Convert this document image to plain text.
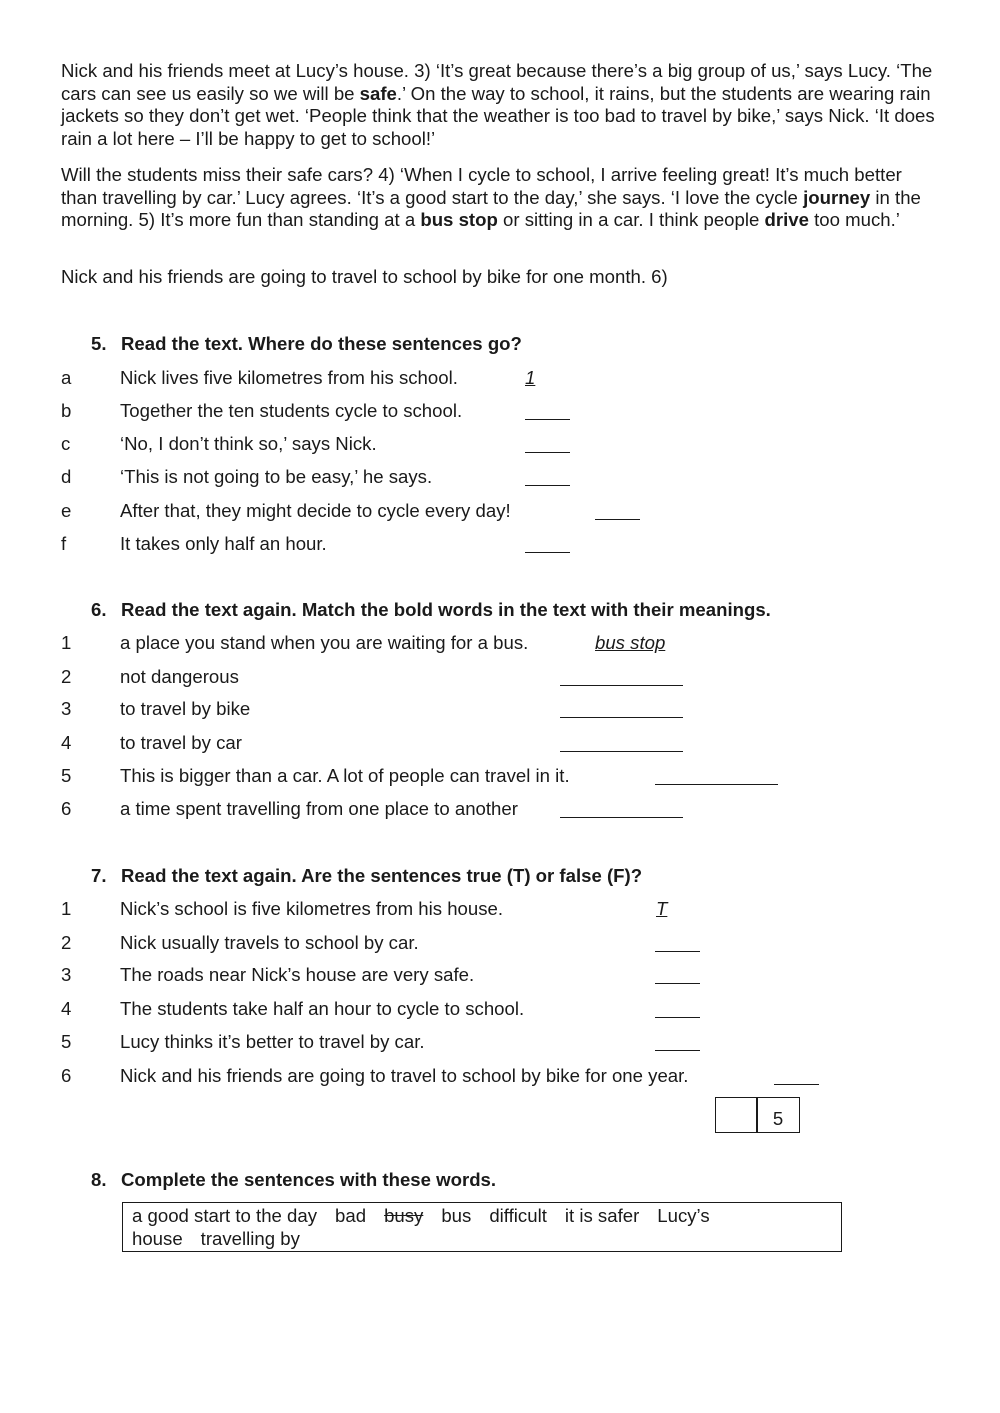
Nick and his friends meet at Lucy’s house. 3) ‘It’s great because there’s a big group of us,’ says Lucy. ‘The cars can see us easily so we will be safe.’ On the way to school, it rains, but the students are wearing rain jackets so they don’t get wet. ‘People think that the weather is too bad to travel by bike,’ says Nick. ‘It does rain a lot here – I’ll be happy to get to school!’
Will the students miss their safe cars? 4) ‘When I cycle to school, I arrive feeling great! It’s much better than travelling by car.’ Lucy agrees. ‘It’s a good start to the day,’ she says. ‘I love the cycle journey in the morning. 5) It’s more fun than standing at a bus stop or sitting in a car. I think people drive too much.’
Nick and his friends are going to travel to school by bike for one month. 6)
5. Read the text. Where do these sentences go?
a	Nick lives five kilometres from his school.	1
b	Together the ten students cycle to school.
c	‘No, I don’t think so,’ says Nick.
d	‘This is not going to be easy,’ he says.
e	After that, they might decide to cycle every day!
f	It takes only half an hour.
6. Read the text again. Match the bold words in the text with their meanings.
1	a place you stand when you are waiting for a bus.	bus stop
2	not dangerous
3	to travel by bike
4	to travel by car
5	This is bigger than a car. A lot of people can travel in it.
6	a time spent travelling from one place to another
7. Read the text again. Are the sentences true (T) or false (F)?
1	Nick’s school is five kilometres from his house.	T
2	Nick usually travels to school by car.
3	The roads near Nick’s house are very safe.
4	The students take half an hour to cycle to school.
5	Lucy thinks it’s better to travel by car.
6	Nick and his friends are going to travel to school by bike for one year.
5
8. Complete the sentences with these words.
a good start to the day bad busy bus difficult it is safer Lucy’s house travelling by
